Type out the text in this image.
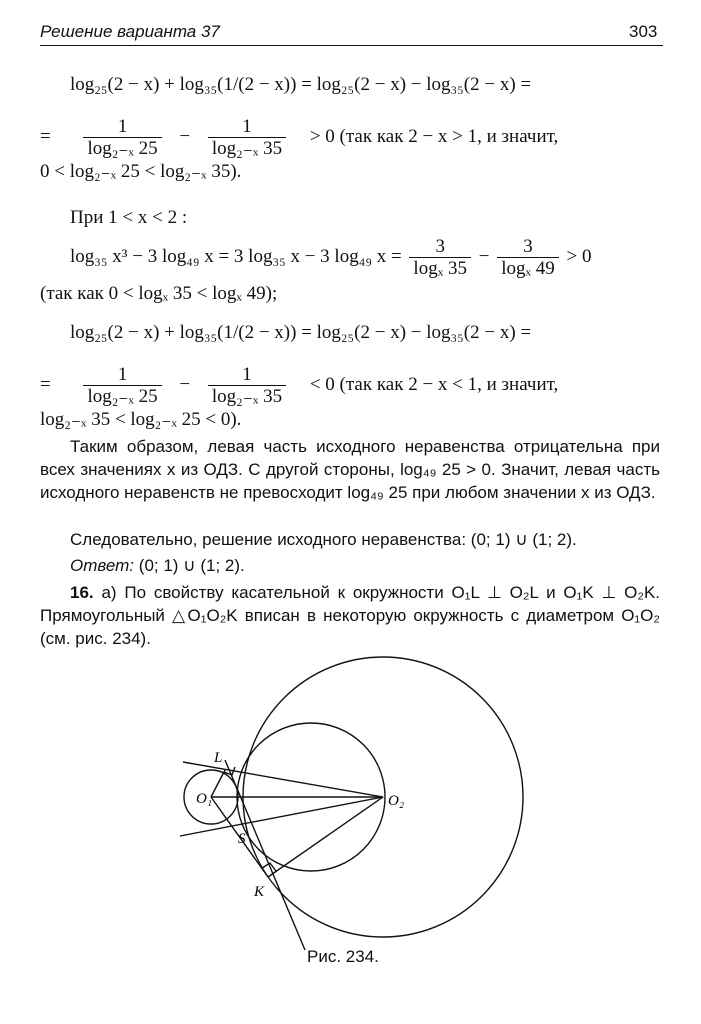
Решение варианта 37	303
log₂₅(2 − x) + log₃₅(1/(2 − x)) = log₂₅(2 − x) − log₃₅(2 − x) =
= $\frac{1}{\text{log₂₋ₓ 25}} - \frac{1}{\text{log₂₋ₓ 35}} > 0$ (так как 2 − x > 1, и значит,
0 < log₂₋ₓ 25 < log₂₋ₓ 35).
При 1 < x < 2 :
log₃₅ x³ − 3 log₄₉ x = 3 log₃₅ x − 3 log₄₉ $x = \frac{3}{\text{logₓ 35}} - \frac{3}{\text{logₓ 49}} > 0$
(так как 0 < logₓ 35 < logₓ 49);
log₂₅(2 − x) + log₃₅(1/(2 − x)) = log₂₅(2 − x) − log₃₅(2 − x) =
= $\frac{1}{\text{log₂₋ₓ 25}} - \frac{1}{\text{log₂₋ₓ 35}} < 0$ (так как 2 − x < 1, и значит,
log₂₋ₓ 35 < log₂₋ₓ 25 < 0).
Таким образом, левая часть исходного неравенства отрицательна при всех значениях x из ОДЗ. С другой стороны, log₄₉ 25 > 0. Значит, левая часть исходного неравенств не превосходит log₄₉ 25 при любом значении x из ОДЗ.
Следовательно, решение исходного неравенства: (0; 1) ∪ (1; 2).
Ответ: (0; 1) ∪ (1; 2).
16. а) По свойству касательной к окружности O₁L ⊥ O₂L и O₁K ⊥ O₂K. Прямоугольный △O₁O₂K вписан в некоторую окружность с диаметром O₁O₂ (см. рис. 234).
L
O₁
S
O₂
K
Рис. 234.
